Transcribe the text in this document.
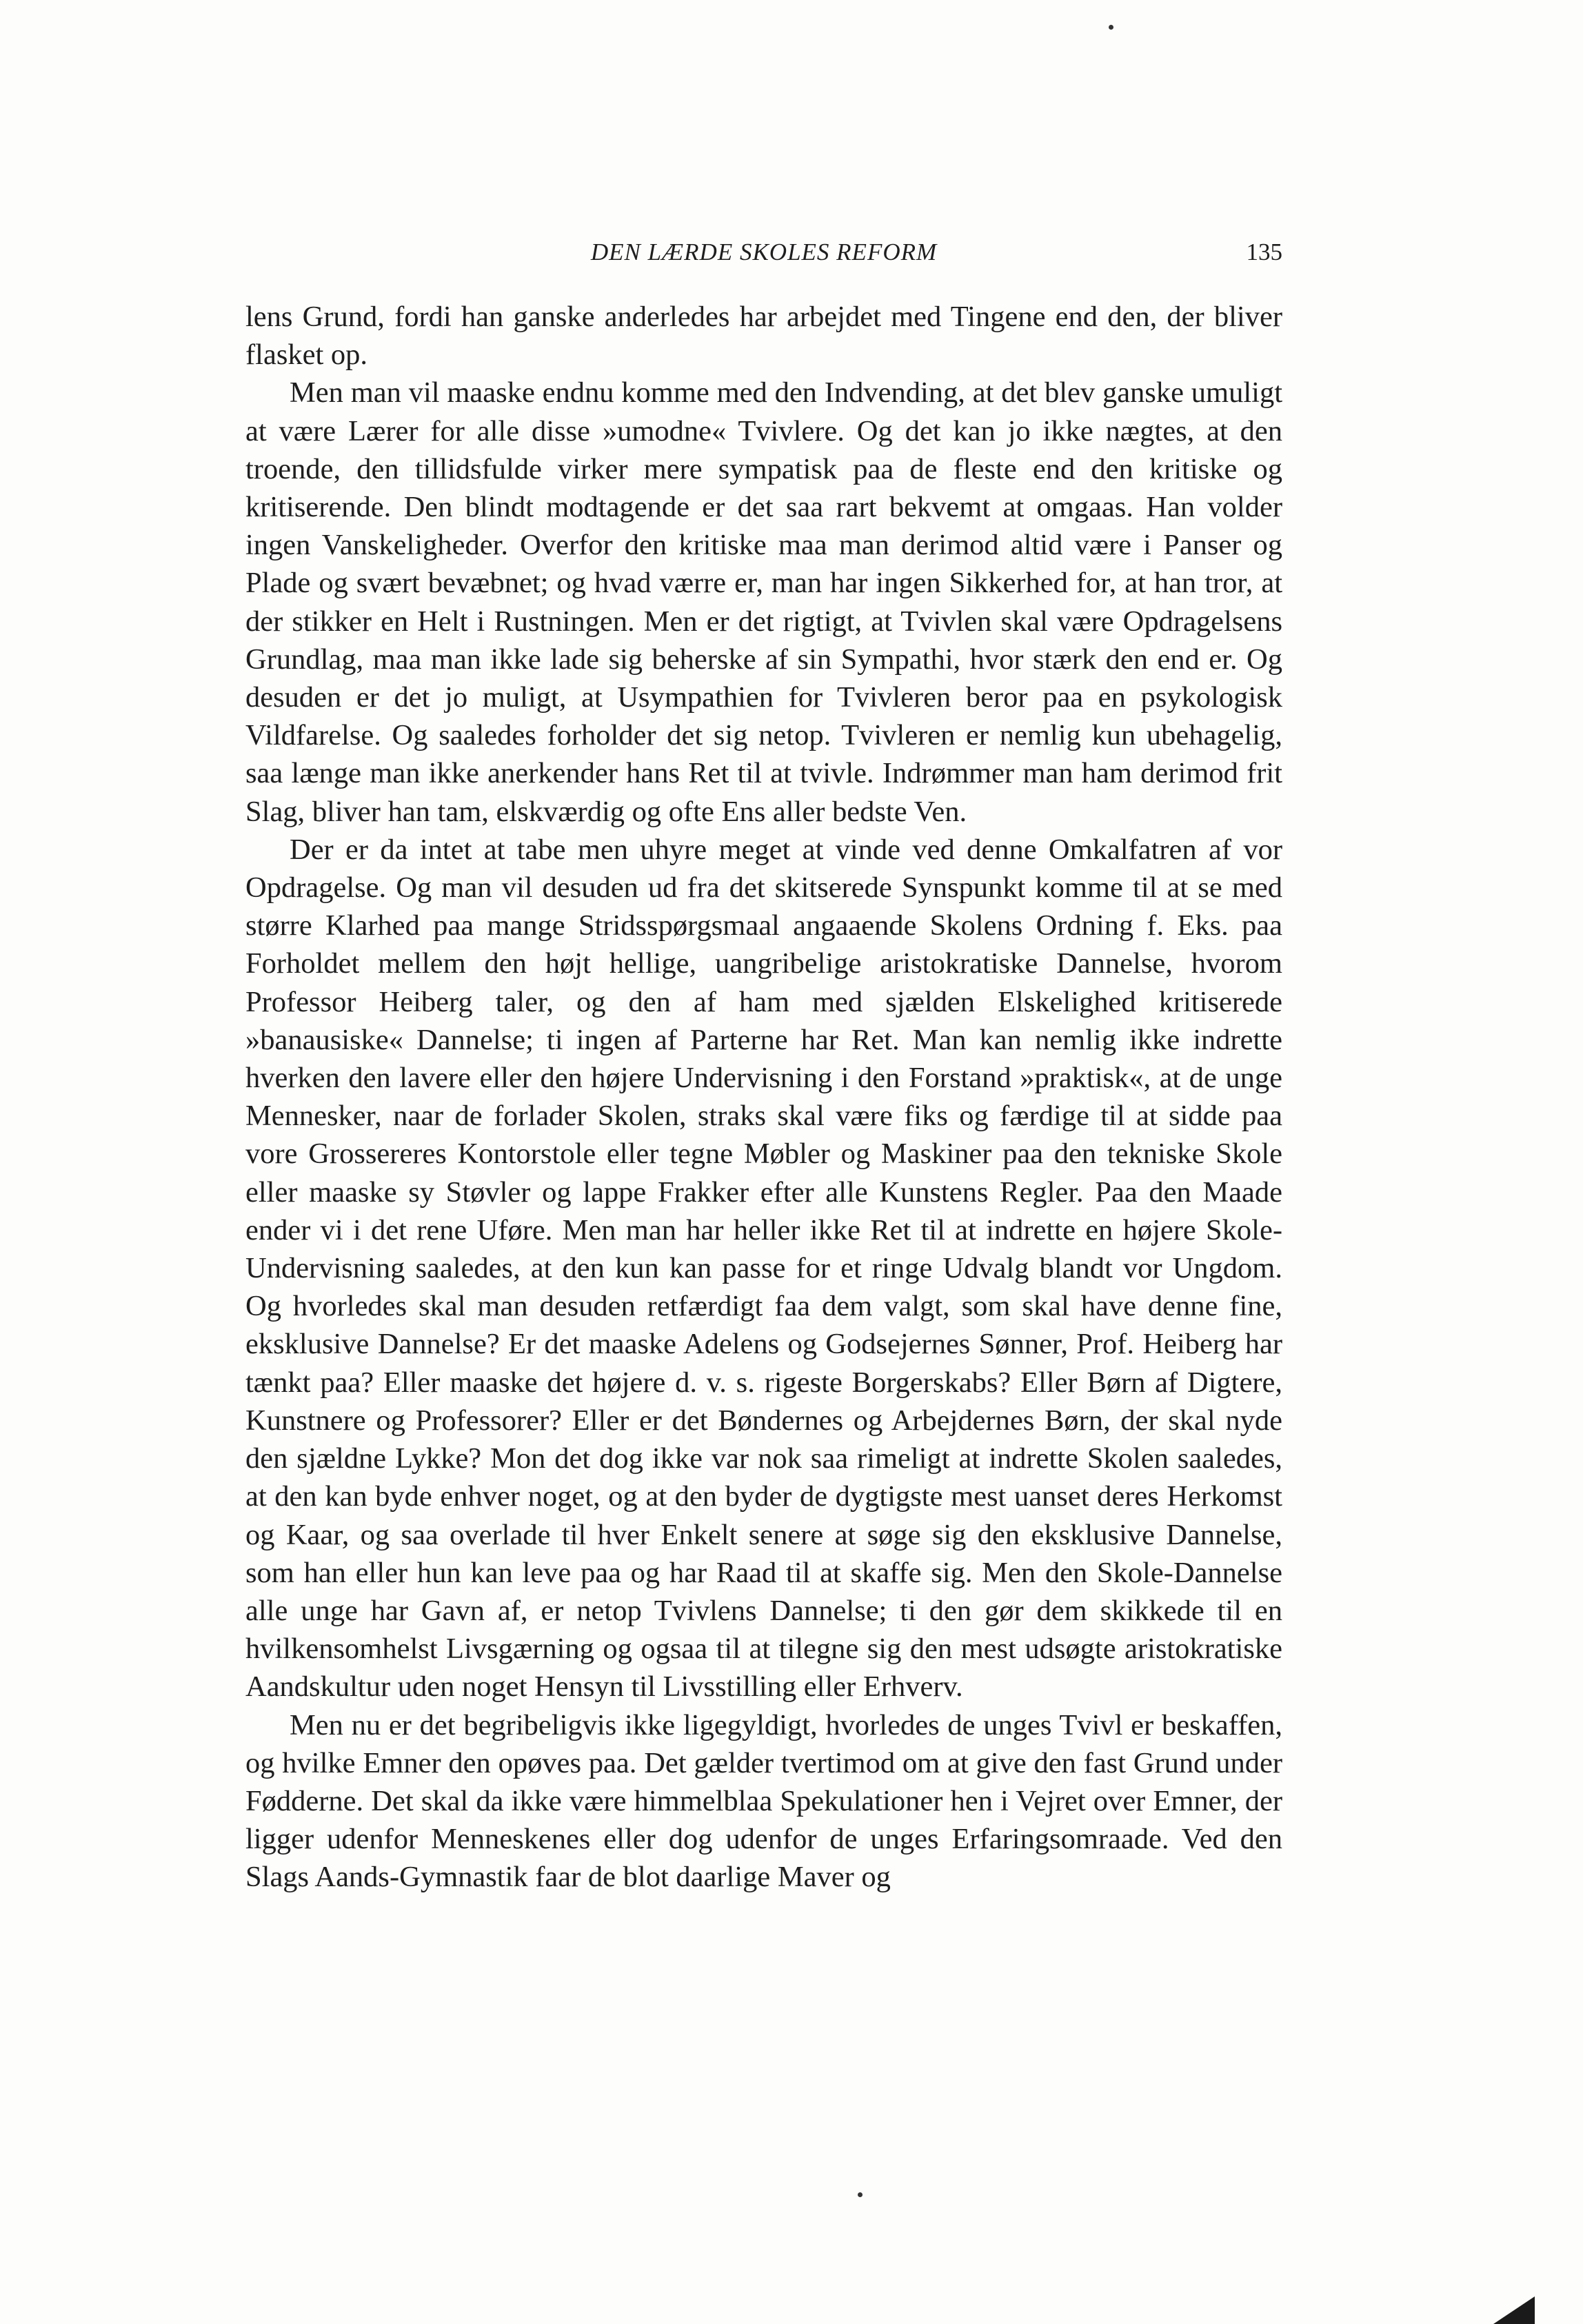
DEN LÆRDE SKOLES REFORM	135

lens Grund, fordi han ganske anderledes har arbejdet med Tingene end den, der bliver flasket op.

Men man vil maaske endnu komme med den Indvending, at det blev ganske umuligt at være Lærer for alle disse »umodne« Tvivlere. Og det kan jo ikke nægtes, at den troende, den tillidsfulde virker mere sympatisk paa de fleste end den kritiske og kritiserende. Den blindt modtagende er det saa rart bekvemt at omgaas. Han volder ingen Vanskeligheder. Overfor den kritiske maa man derimod altid være i Panser og Plade og svært bevæbnet; og hvad værre er, man har ingen Sikkerhed for, at han tror, at der stikker en Helt i Rustningen. Men er det rigtigt, at Tvivlen skal være Opdragelsens Grundlag, maa man ikke lade sig beherske af sin Sympathi, hvor stærk den end er. Og desuden er det jo muligt, at Usympathien for Tvivleren beror paa en psykologisk Vildfarelse. Og saaledes forholder det sig netop. Tvivleren er nemlig kun ubehagelig, saa længe man ikke anerkender hans Ret til at tvivle. Indrømmer man ham derimod frit Slag, bliver han tam, elskværdig og ofte Ens aller bedste Ven.

Der er da intet at tabe men uhyre meget at vinde ved denne Omkalfatren af vor Opdragelse. Og man vil desuden ud fra det skitserede Synspunkt komme til at se med større Klarhed paa mange Stridsspørgsmaal angaaende Skolens Ordning f. Eks. paa Forholdet mellem den højt hellige, uangribelige aristokratiske Dannelse, hvorom Professor Heiberg taler, og den af ham med sjælden Elskelighed kritiserede »banausiske« Dannelse; ti ingen af Parterne har Ret. Man kan nemlig ikke indrette hverken den lavere eller den højere Undervisning i den Forstand »praktisk«, at de unge Mennesker, naar de forlader Skolen, straks skal være fiks og færdige til at sidde paa vore Grossereres Kontorstole eller tegne Møbler og Maskiner paa den tekniske Skole eller maaske sy Støvler og lappe Frakker efter alle Kunstens Regler. Paa den Maade ender vi i det rene Uføre. Men man har heller ikke Ret til at indrette en højere Skole-Undervisning saaledes, at den kun kan passe for et ringe Udvalg blandt vor Ungdom. Og hvorledes skal man desuden retfærdigt faa dem valgt, som skal have denne fine, eksklusive Dannelse? Er det maaske Adelens og Godsejernes Sønner, Prof. Heiberg har tænkt paa? Eller maaske det højere d. v. s. rigeste Borgerskabs? Eller Børn af Digtere, Kunstnere og Professorer? Eller er det Bøndernes og Arbejdernes Børn, der skal nyde den sjældne Lykke? Mon det dog ikke var nok saa rimeligt at indrette Skolen saaledes, at den kan byde enhver noget, og at den byder de dygtigste mest uanset deres Herkomst og Kaar, og saa overlade til hver Enkelt senere at søge sig den eksklusive Dannelse, som han eller hun kan leve paa og har Raad til at skaffe sig. Men den Skole-Dannelse alle unge har Gavn af, er netop Tvivlens Dannelse; ti den gør dem skikkede til en hvilkensomhelst Livsgærning og ogsaa til at tilegne sig den mest udsøgte aristokratiske Aandskultur uden noget Hensyn til Livsstilling eller Erhverv.

Men nu er det begribeligvis ikke ligegyldigt, hvorledes de unges Tvivl er beskaffen, og hvilke Emner den opøves paa. Det gælder tvertimod om at give den fast Grund under Fødderne. Det skal da ikke være himmelblaa Spekulationer hen i Vejret over Emner, der ligger udenfor Menneskenes eller dog udenfor de unges Erfaringsomraade. Ved den Slags Aands-Gymnastik faar de blot daarlige Maver og
